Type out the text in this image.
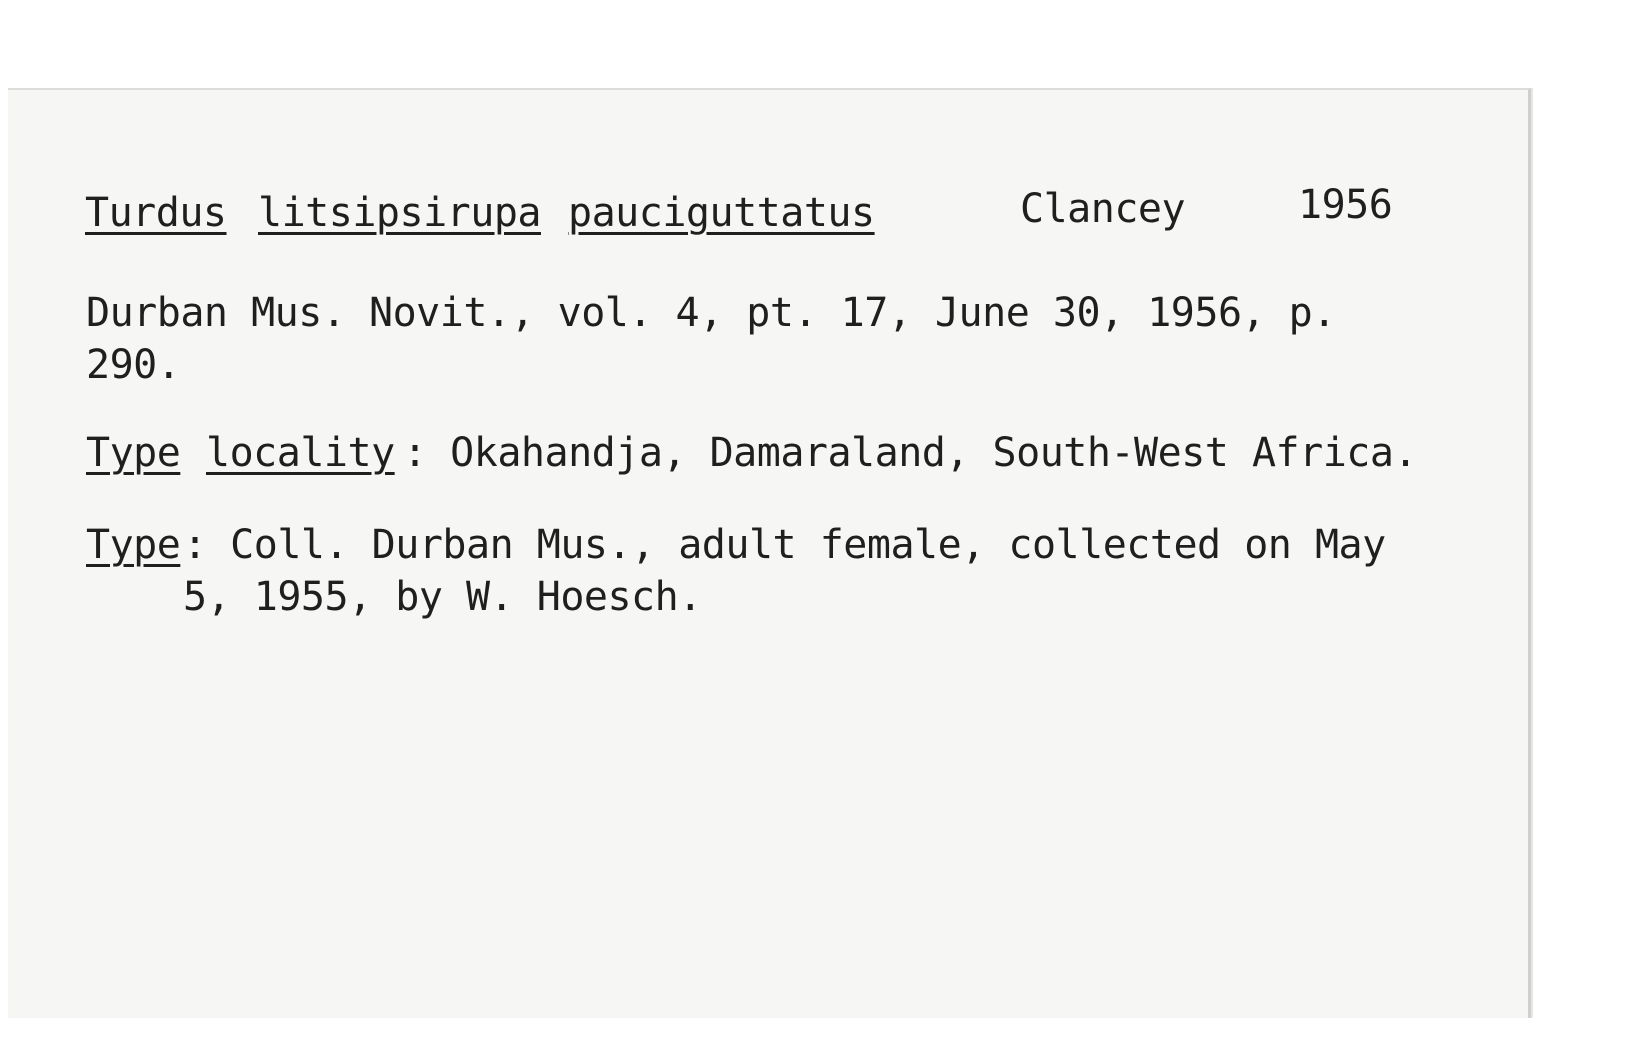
Turdus litsipsirupa pauciguttatus	Clancey	1956
Durban Mus. Novit., vol. 4, pt. 17, June 30, 1956, p.
290.
Type locality : Okahandja, Damaraland, South-West Africa.
Type : Coll. Durban Mus., adult female, collected on May
5, 1955, by W. Hoesch.
